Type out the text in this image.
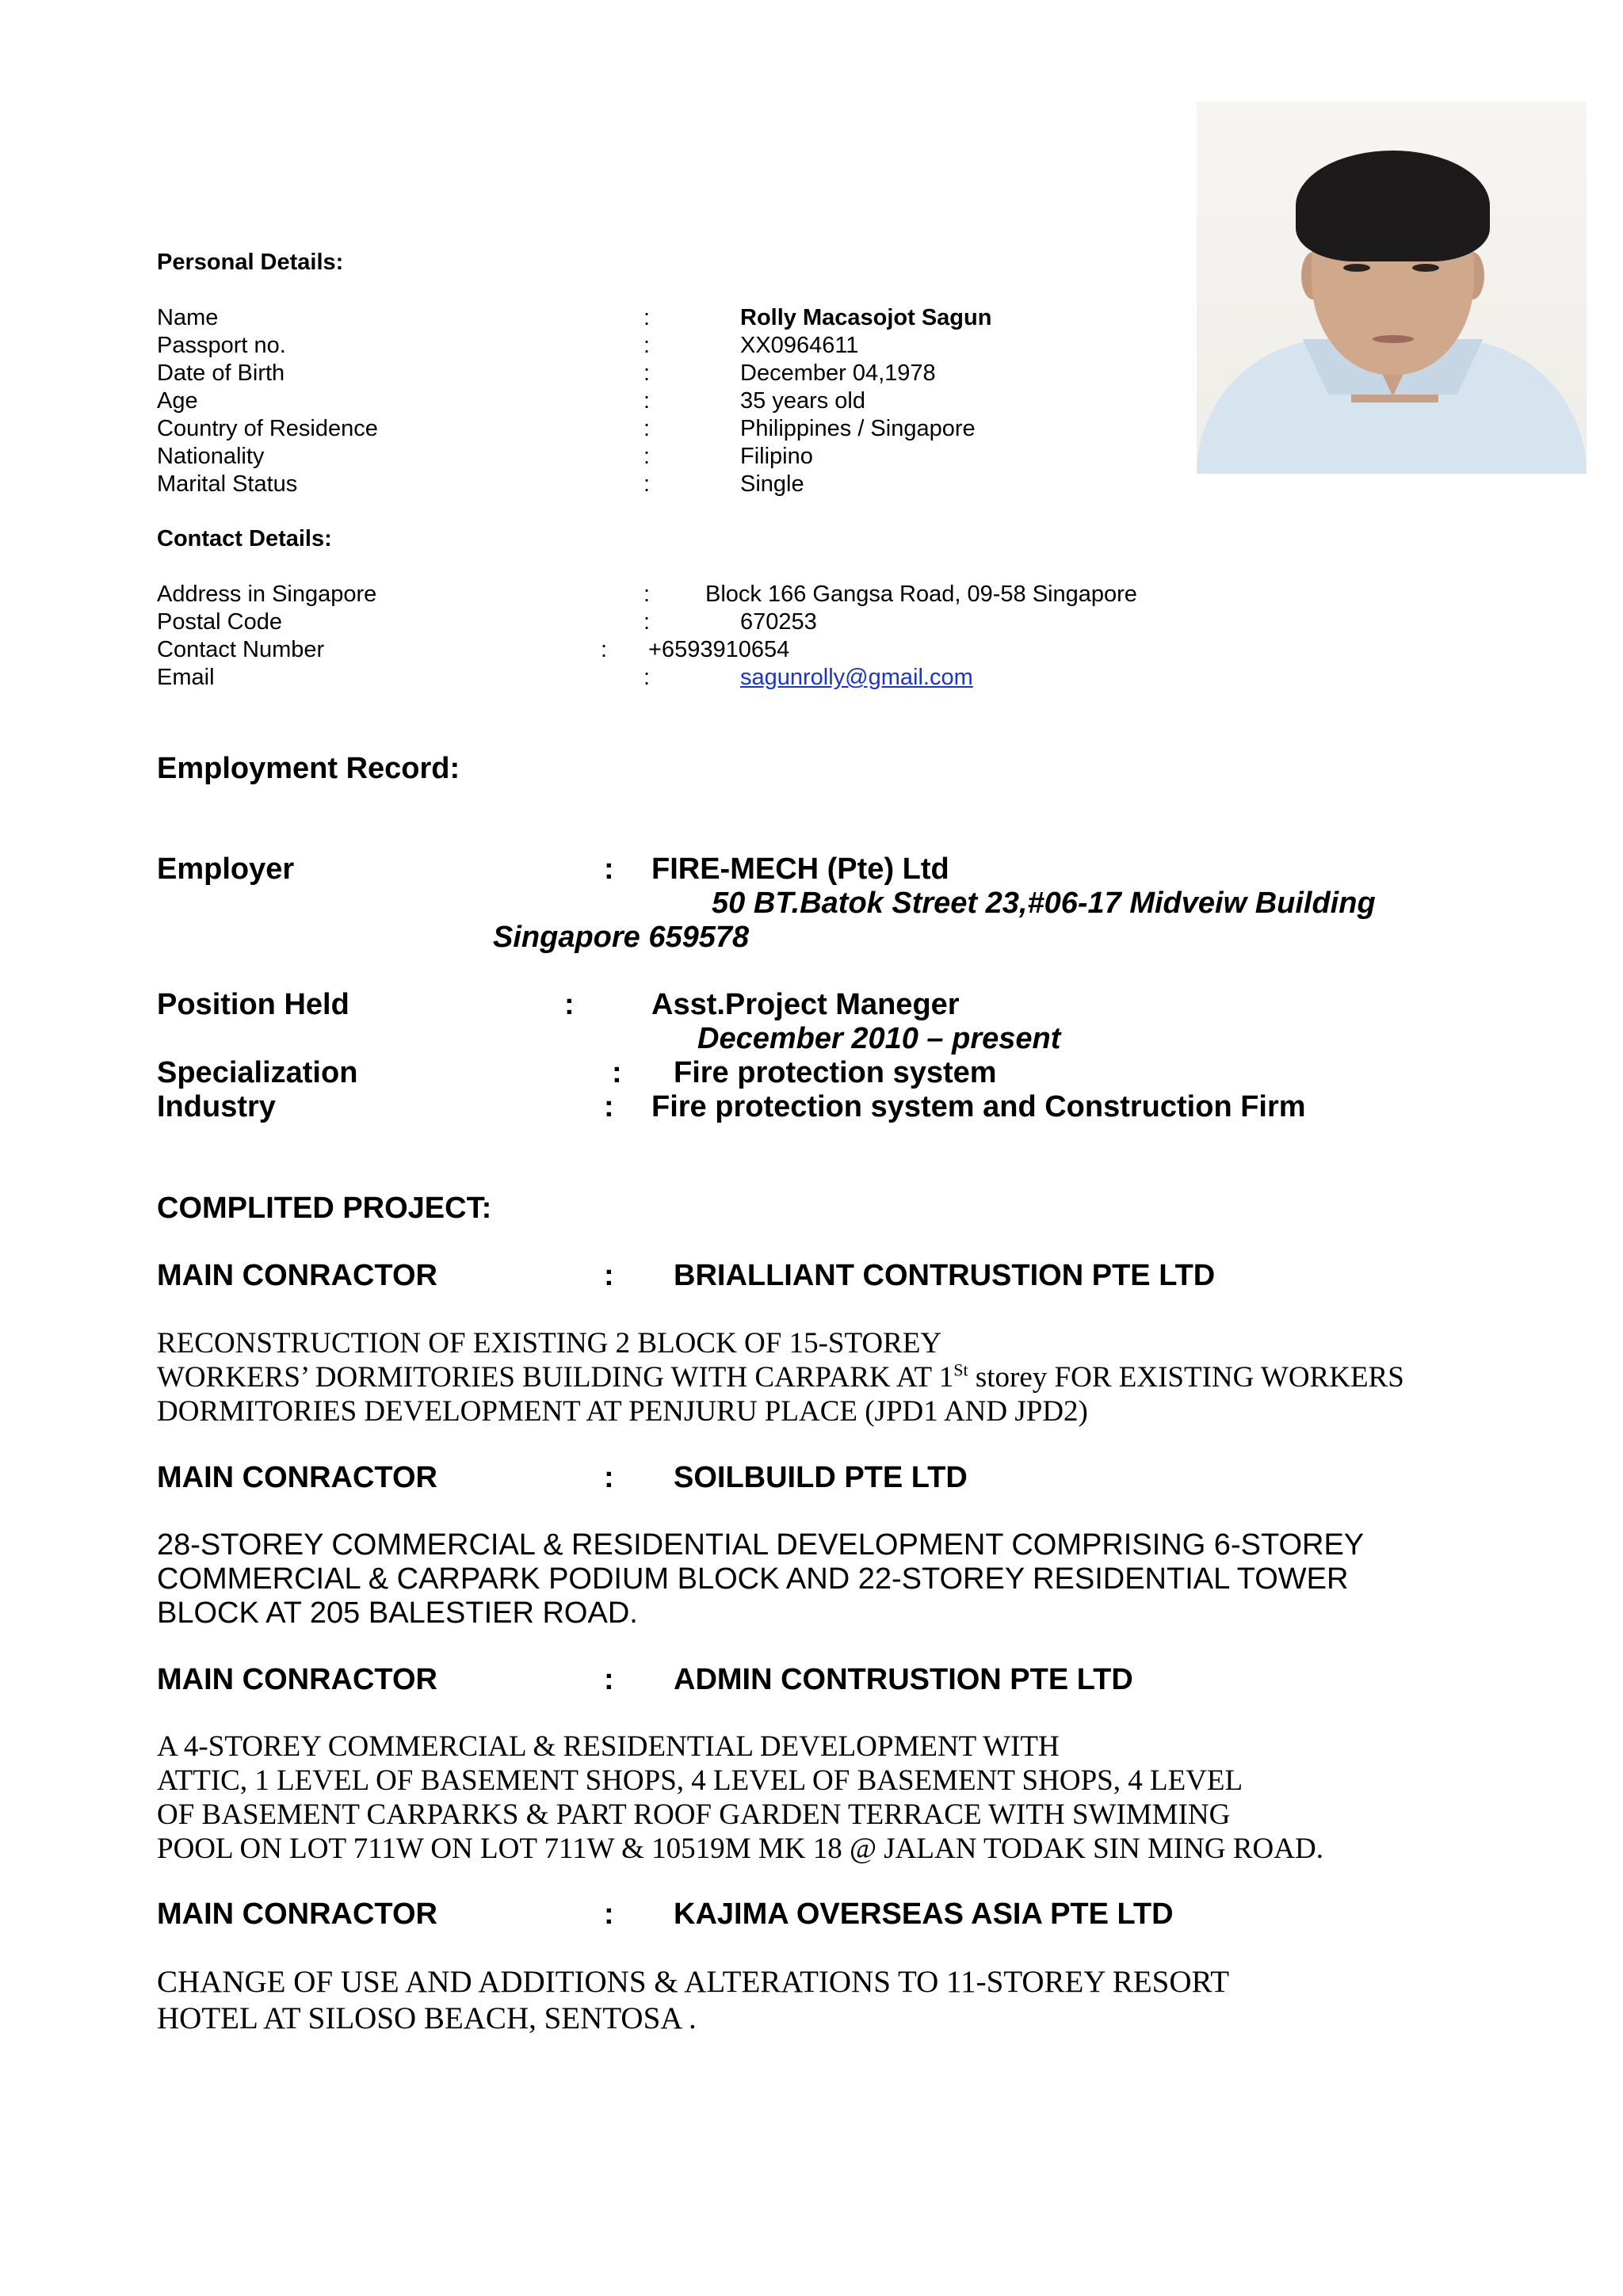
Personal Details:
Name	:	Rolly Macasojot Sagun
Passport no.	:	XX0964611
Date of Birth	:	December 04,1978
Age	:	35 years old
Country of Residence	:	Philippines / Singapore
Nationality	:	Filipino
Marital Status	:	Single
Contact Details:
Address in Singapore	: Block 166 Gangsa Road, 09-58 Singapore
Postal Code	:	670253
Contact Number	: +6593910654
Email	:	sagunrolly@gmail.com
Employment Record:
Employer	: FIRE-MECH (Pte) Ltd
50 BT.Batok Street 23,#06-17 Midveiw Building
Singapore 659578
Position Held	:	Asst.Project Maneger
December 2010 – present
Specialization	: Fire protection system
Industry	: Fire protection system and Construction Firm
COMPLITED PROJECT:
MAIN CONRACTOR	: BRIALLIANT CONTRUSTION PTE LTD
RECONSTRUCTION OF EXISTING 2 BLOCK OF 15-STOREY
WORKERS’ DORMITORIES BUILDING WITH CARPARK AT 1St storey FOR EXISTING WORKERS
DORMITORIES DEVELOPMENT AT PENJURU PLACE (JPD1 AND JPD2)
MAIN CONRACTOR	: SOILBUILD PTE LTD
28-STOREY COMMERCIAL & RESIDENTIAL DEVELOPMENT COMPRISING 6-STOREY
COMMERCIAL & CARPARK PODIUM BLOCK AND 22-STOREY RESIDENTIAL TOWER
BLOCK AT 205 BALESTIER ROAD.
MAIN CONRACTOR	: ADMIN CONTRUSTION PTE LTD
A 4-STOREY COMMERCIAL & RESIDENTIAL DEVELOPMENT WITH
ATTIC, 1 LEVEL OF BASEMENT SHOPS, 4 LEVEL OF BASEMENT SHOPS, 4 LEVEL
OF BASEMENT CARPARKS & PART ROOF GARDEN TERRACE WITH SWIMMING
POOL ON LOT 711W ON LOT 711W & 10519M MK 18 @ JALAN TODAK SIN MING ROAD.
MAIN CONRACTOR	: KAJIMA OVERSEAS ASIA PTE LTD
CHANGE OF USE AND ADDITIONS & ALTERATIONS TO 11-STOREY RESORT
HOTEL AT SILOSO BEACH, SENTOSA .
